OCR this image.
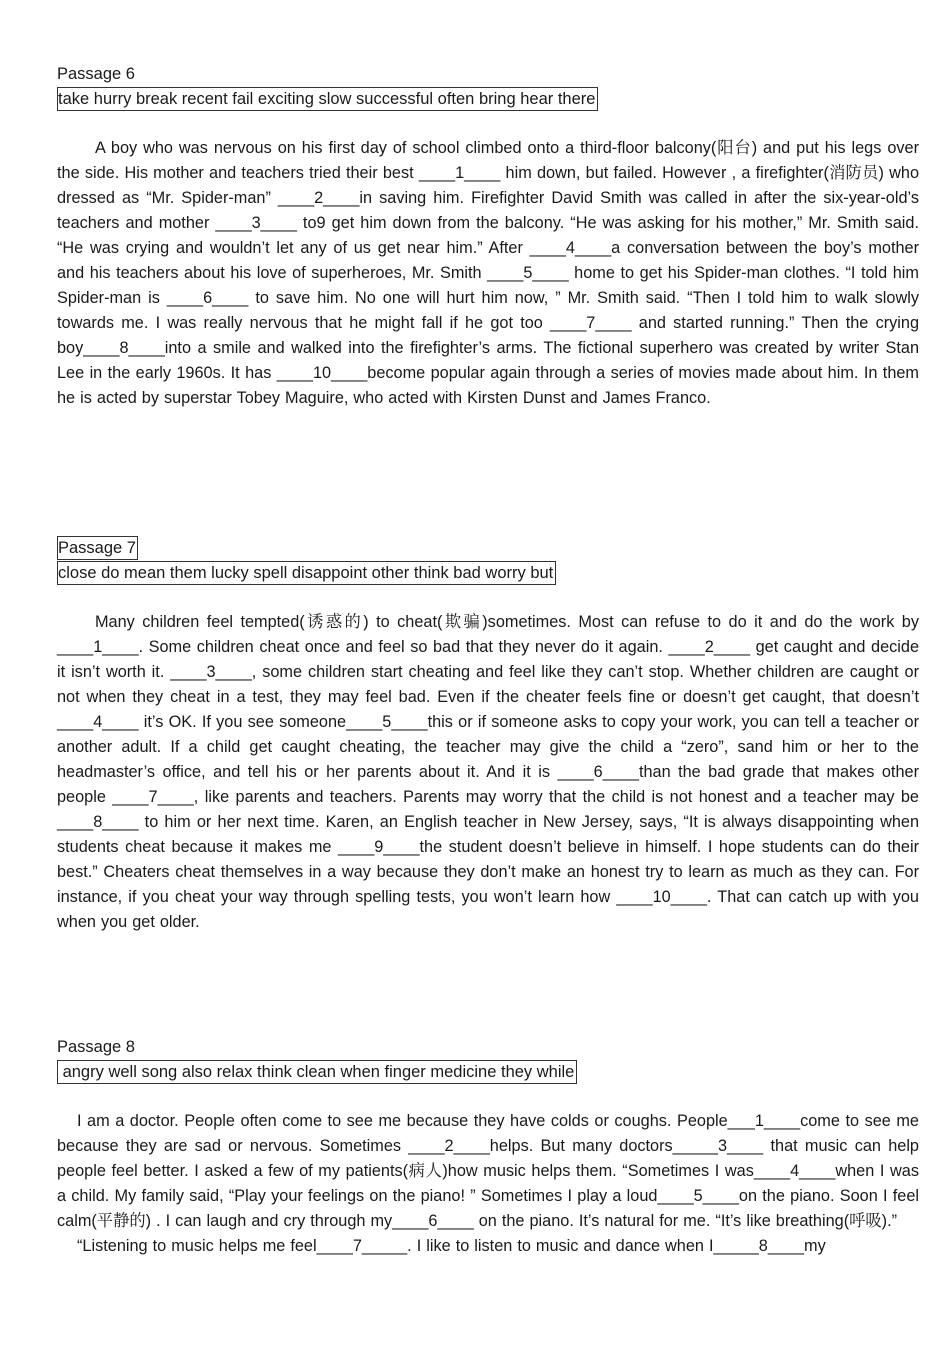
Passage 6
take hurry break recent fail exciting slow successful often bring hear there

A boy who was nervous on his first day of school climbed onto a third-floor balcony(阳台) and put his legs over the side. His mother and teachers tried their best ____1____ him down, but failed. However , a firefighter(消防员) who dressed as “Mr. Spider-man” ____2____in saving him. Firefighter David Smith was called in after the six-year-old’s teachers and mother ____3____ to9 get him down from the balcony. “He was asking for his mother,” Mr. Smith said. “He was crying and wouldn’t let any of us get near him.” After ____4____a conversation between the boy’s mother and his teachers about his love of superheroes, Mr. Smith ____5____ home to get his Spider-man clothes. “I told him Spider-man is ____6____ to save him. No one will hurt him now, ” Mr. Smith said. “Then I told him to walk slowly towards me. I was really nervous that he might fall if he got too ____7____ and started running.” Then the crying boy____8____into a smile and walked into the firefighter’s arms. The fictional superhero was created by writer Stan Lee in the early 1960s. It has ____10____become popular again through a series of movies made about him. In them he is acted by superstar Tobey Maguire, who acted with Kirsten Dunst and James Franco.

Passage 7
close do mean them lucky spell disappoint other think bad worry but

Many children feel tempted(诱惑的) to cheat(欺骗)sometimes. Most can refuse to do it and do the work by ____1____. Some children cheat once and feel so bad that they never do it again. ____2____ get caught and decide it isn’t worth it. ____3____, some children start cheating and feel like they can’t stop. Whether children are caught or not when they cheat in a test, they may feel bad. Even if the cheater feels fine or doesn’t get caught, that doesn’t ____4____ it’s OK. If you see someone____5____this or if someone asks to copy your work, you can tell a teacher or another adult. If a child get caught cheating, the teacher may give the child a “zero”, sand him or her to the headmaster’s office, and tell his or her parents about it. And it is ____6____than the bad grade that makes other people ____7____, like parents and teachers. Parents may worry that the child is not honest and a teacher may be ____8____ to him or her next time. Karen, an English teacher in New Jersey, says, “It is always disappointing when students cheat because it makes me ____9____the student doesn’t believe in himself. I hope students can do their best.” Cheaters cheat themselves in a way because they don’t make an honest try to learn as much as they can. For instance, if you cheat your way through spelling tests, you won’t learn how ____10____. That can catch up with you when you get older.

Passage 8
angry well song also relax think clean when finger medicine they while

I am a doctor. People often come to see me because they have colds or coughs. People___1____come to see me because they are sad or nervous. Sometimes ____2____helps. But many doctors_____3____ that music can help people feel better. I asked a few of my patients(病人)how music helps them. “Sometimes I was____4____when I was a child. My family said, “Play your feelings on the piano! ” Sometimes I play a loud____5____on the piano. Soon I feel calm(平静的) . I can laugh and cry through my____6____ on the piano. It’s natural for me. “It’s like breathing(呼吸).”

“Listening to music helps me feel____7_____. I like to listen to music and dance when I_____8____my
